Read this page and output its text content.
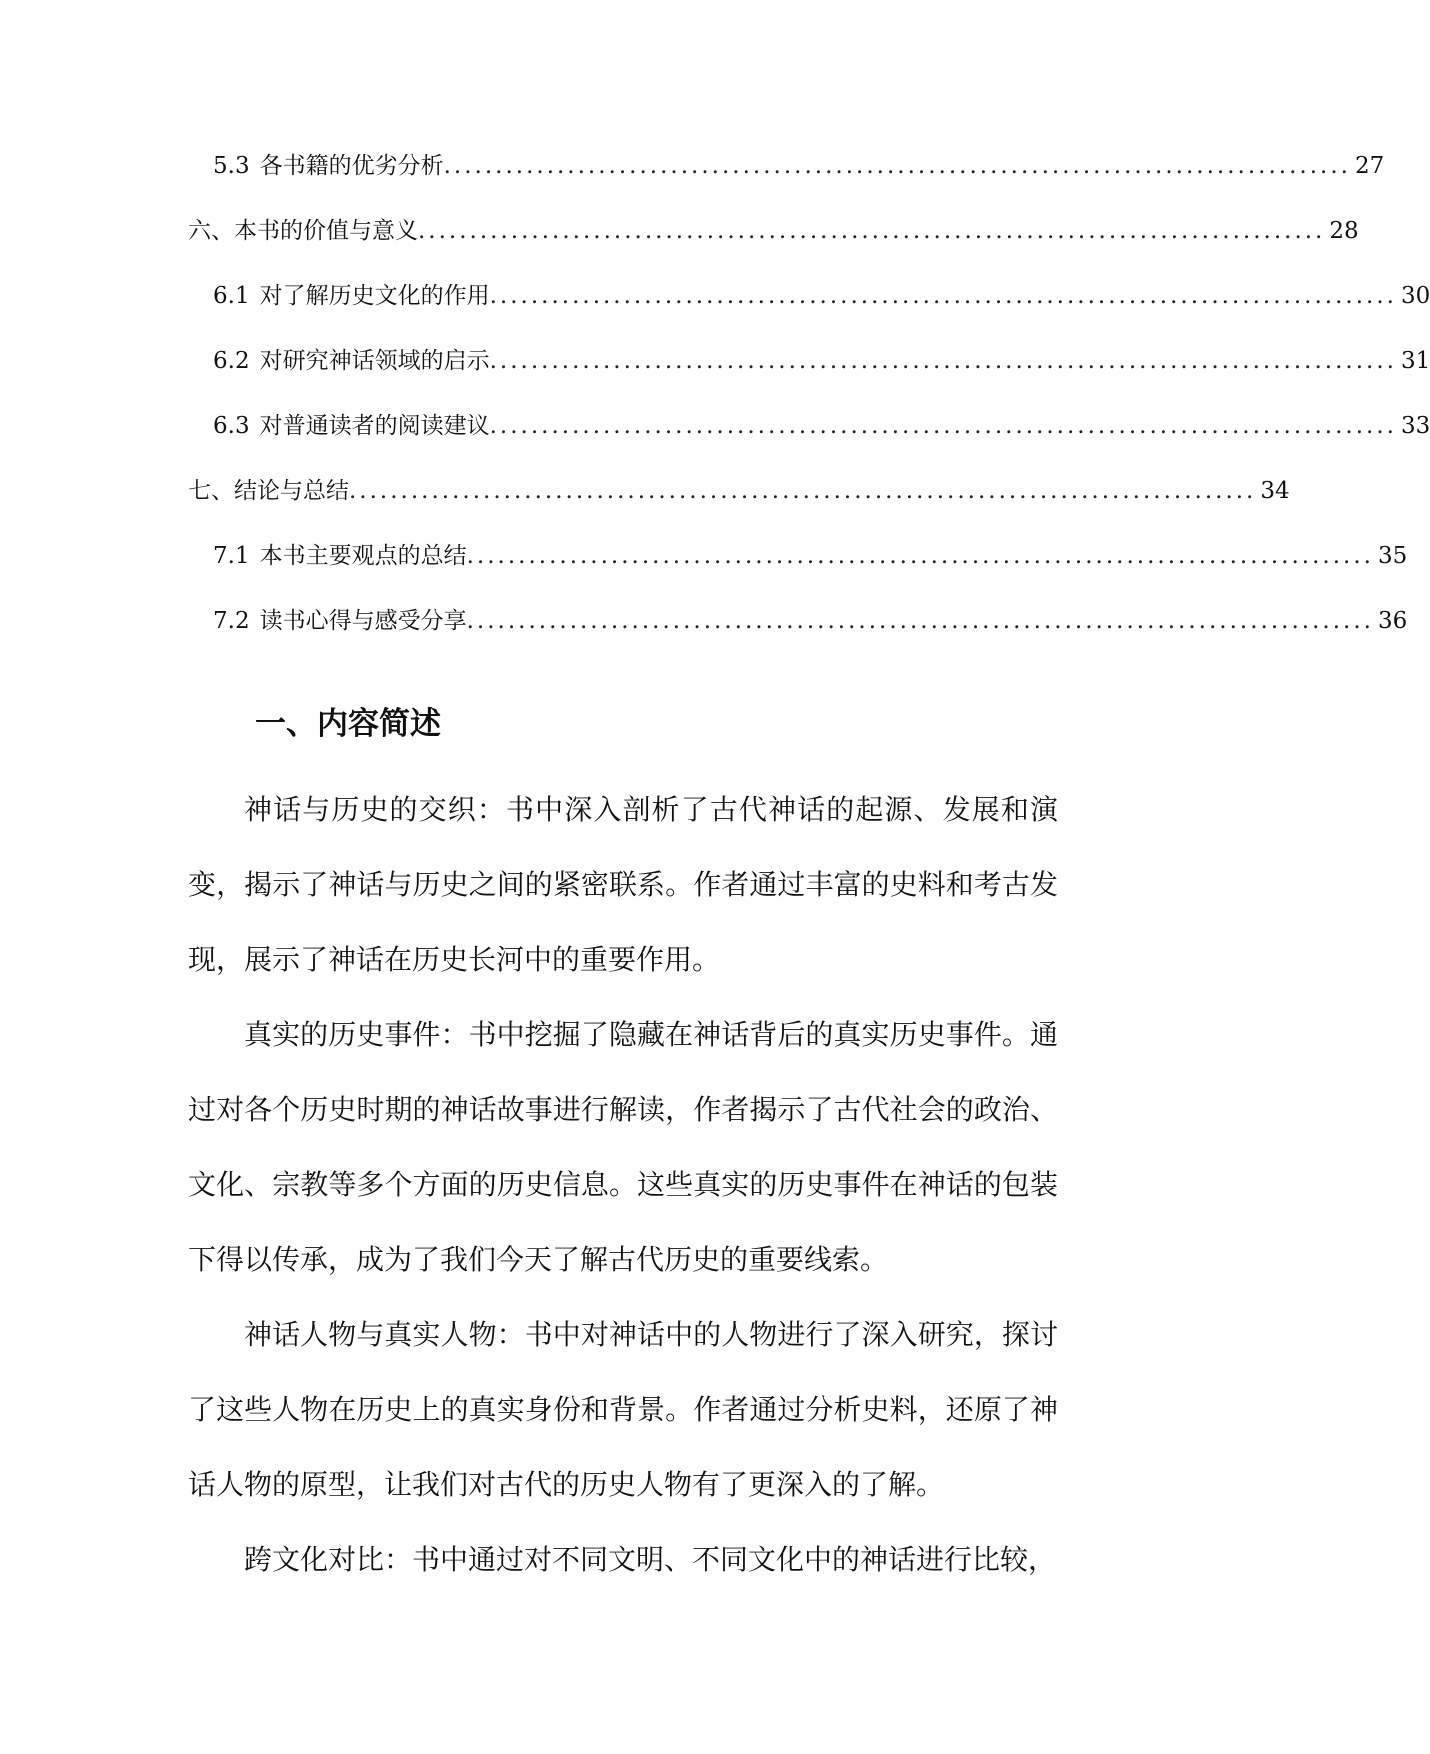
5.3 各书籍的优劣分析 ........................................................................................ 27
六、本书的价值与意义 ........................................................................................ 28
6.1 对了解历史文化的作用 ........................................................................................ 30
6.2 对研究神话领域的启示 ........................................................................................ 31
6.3 对普通读者的阅读建议 ........................................................................................ 33
七、结论与总结 ........................................................................................ 34
7.1 本书主要观点的总结 ........................................................................................ 35
7.2 读书心得与感受分享 ........................................................................................ 36
一、内容简述

神话与历史的交织：书中深入剖析了古代神话的起源、发展和演变，揭示了神话与历史之间的紧密联系。作者通过丰富的史料和考古发现，展示了神话在历史长河中的重要作用。

真实的历史事件：书中挖掘了隐藏在神话背后的真实历史事件。通过对各个历史时期的神话故事进行解读，作者揭示了古代社会的政治、文化、宗教等多个方面的历史信息。这些真实的历史事件在神话的包装下得以传承，成为了我们今天了解古代历史的重要线索。

神话人物与真实人物：书中对神话中的人物进行了深入研究，探讨了这些人物在历史上的真实身份和背景。作者通过分析史料，还原了神话人物的原型，让我们对古代的历史人物有了更深入的了解。

跨文化对比：书中通过对不同文明、不同文化中的神话进行比较，
